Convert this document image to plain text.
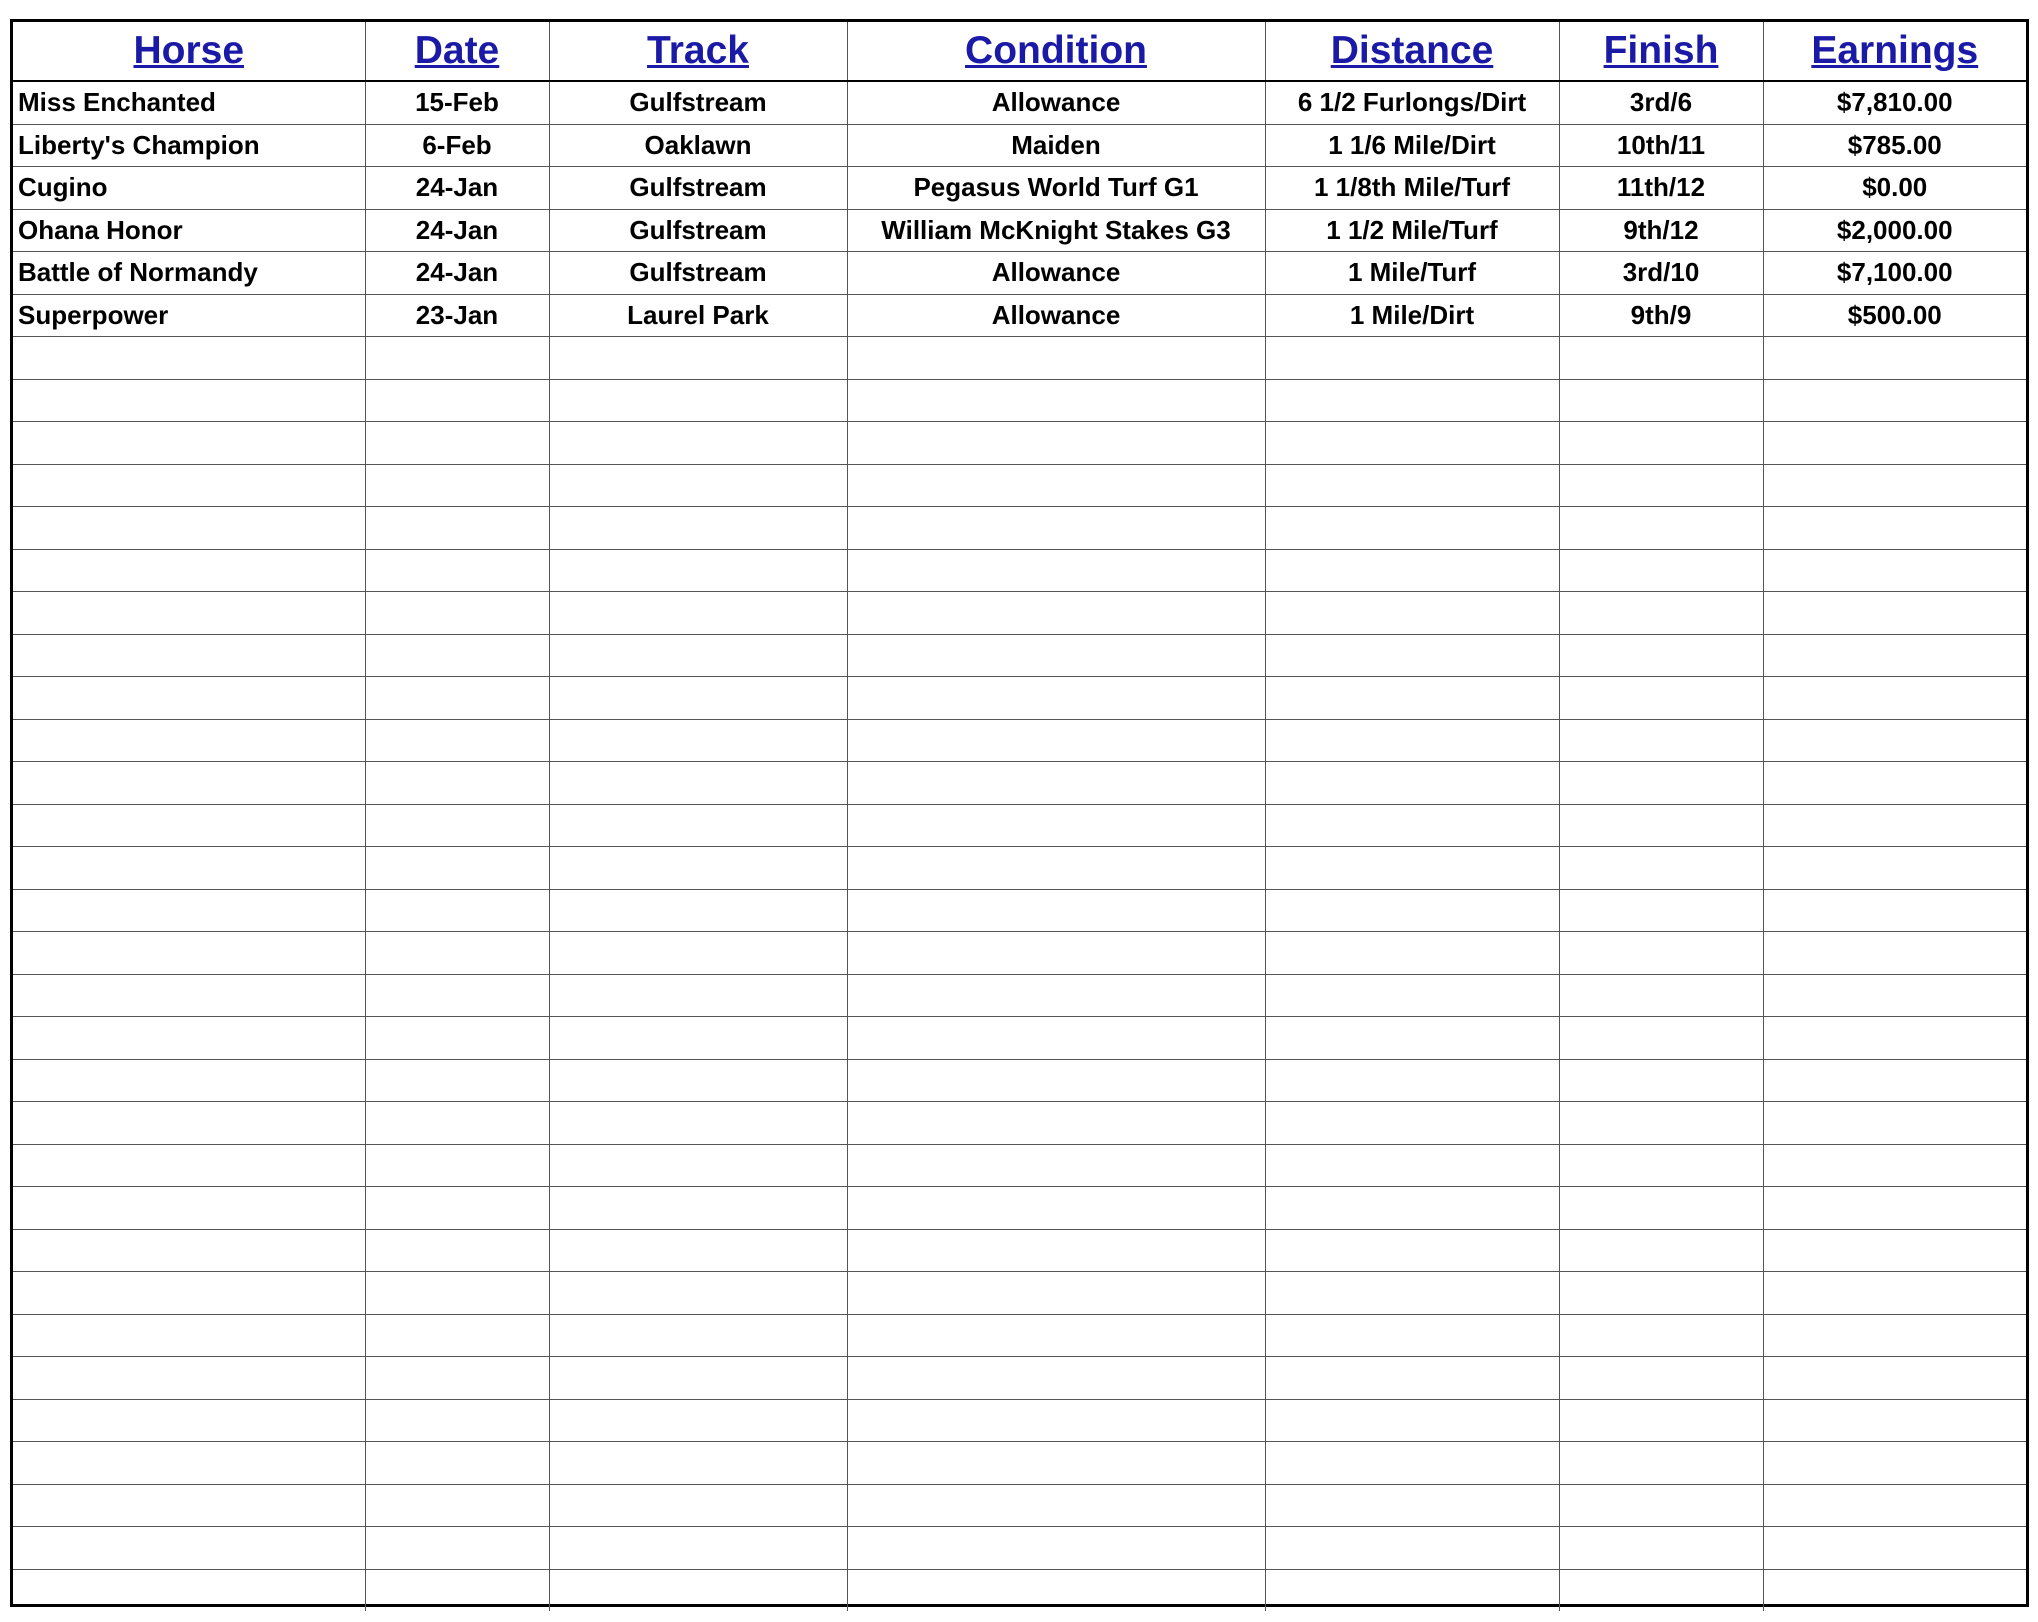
Horse	Date	Track	Condition	Distance	Finish	Earnings
Miss Enchanted	15-Feb	Gulfstream	Allowance	6 1/2 Furlongs/Dirt	3rd/6	$7,810.00
Liberty's Champion	6-Feb	Oaklawn	Maiden	1 1/6 Mile/Dirt	10th/11	$785.00
Cugino	24-Jan	Gulfstream	Pegasus World Turf G1	1 1/8th Mile/Turf	11th/12	$0.00
Ohana Honor	24-Jan	Gulfstream	William McKnight Stakes G3	1 1/2 Mile/Turf	9th/12	$2,000.00
Battle of Normandy	24-Jan	Gulfstream	Allowance	1 Mile/Turf	3rd/10	$7,100.00
Superpower	23-Jan	Laurel Park	Allowance	1 Mile/Dirt	9th/9	$500.00
